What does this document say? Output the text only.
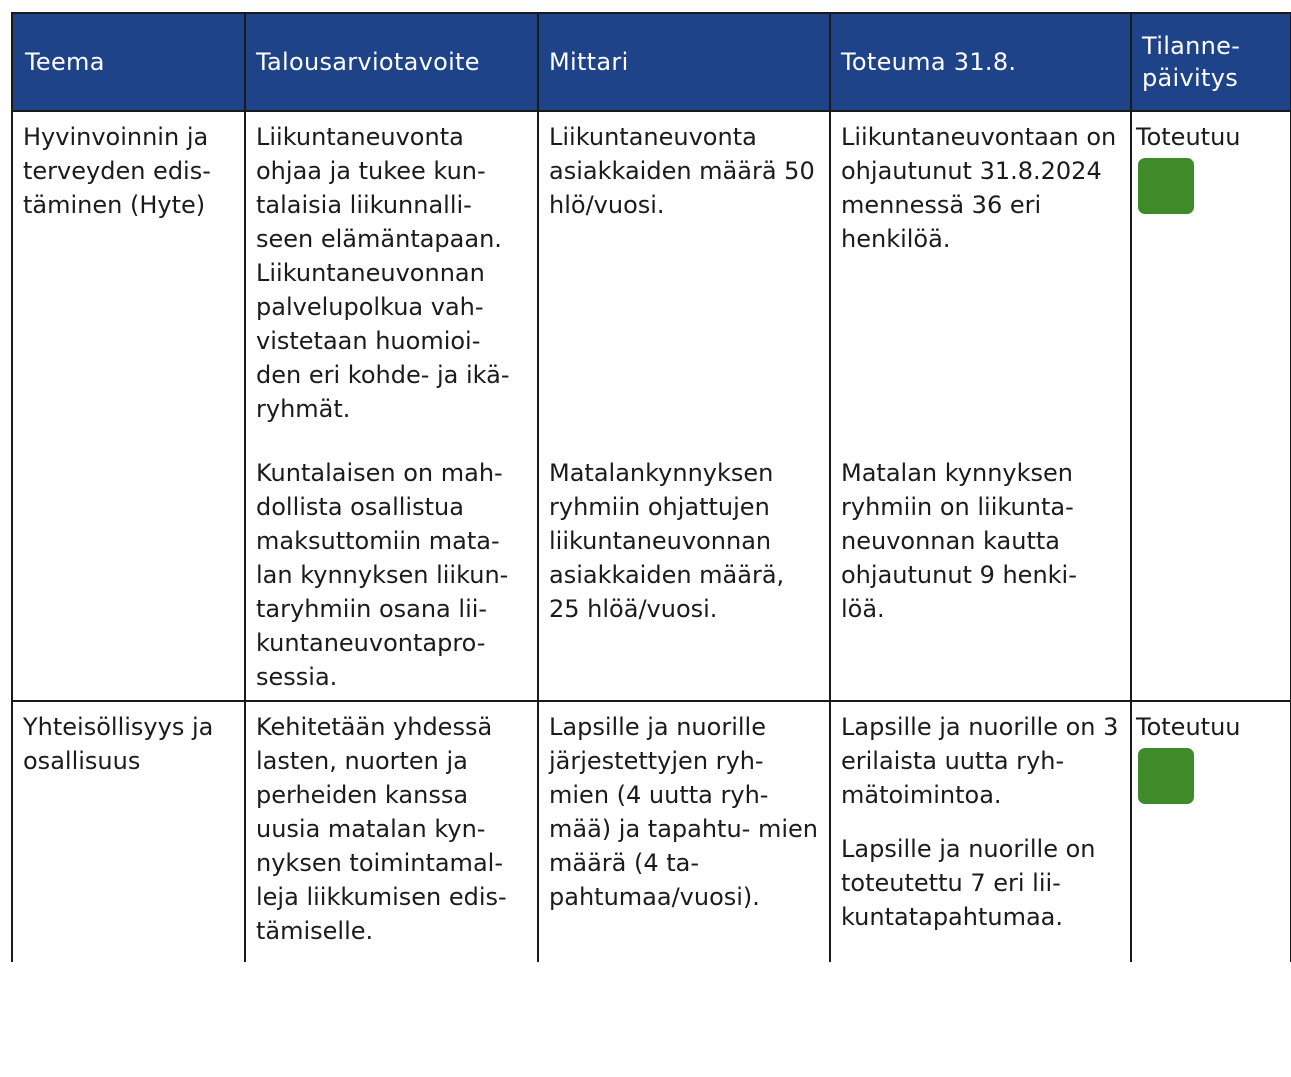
Teema	Talousarviotavoite	Mittari	Toteuma 31.8.	Tilanne-
päivitys

Hyvinvoinnin ja terveyden edis- täminen (Hyte)	Liikuntaneuvonta ohjaa ja tukee kun- talaisia liikunnalli- seen elämäntapaan. Liikuntaneuvonnan palvelupolkua vah- vistetaan huomioi- den eri kohde- ja ikä- ryhmät.	Liikuntaneuvonta asiakkaiden määrä 50 hlö/vuosi.	Liikuntaneuvontaan on ohjautunut 31.8.2024 mennessä 36 eri henkilöä.	Toteutuu

	Kuntalaisen on mah- dollista osallistua maksuttomiin mata- lan kynnyksen liikun- taryhmiin osana lii- kuntaneuvontapro- sessia.	Matalankynnyksen ryhmiin ohjattujen liikuntaneuvonnan asiakkaiden määrä, 25 hlöä/vuosi.	Matalan kynnyksen ryhmiin on liikunta- neuvonnan kautta ohjautunut 9 henki- löä.	
Yhteisöllisyys ja osallisuus	Kehitetään yhdessä lasten, nuorten ja perheiden kanssa uusia matalan kyn- nyksen toimintamal- leja liikkumisen edis- tämiselle.	Lapsille ja nuorille järjestettyjen ryh- mien (4 uutta ryh- mää) ja tapahtu- mien määrä (4 ta- pahtumaa/vuosi).	Lapsille ja nuorille on 3 erilaista uutta ryh- mätoimintoa.
Lapsille ja nuorille on toteutettu 7 eri lii- kuntatapahtumaa.	Toteutuu
